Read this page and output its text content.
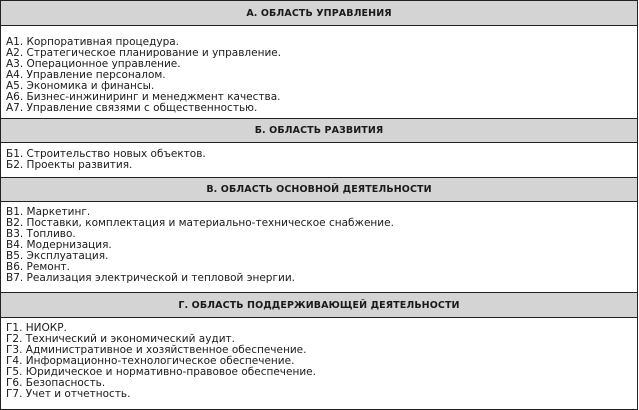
А. ОБЛАСТЬ УПРАВЛЕНИЯ
А1. Корпоративная процедура.
А2. Стратегическое планирование и управление.
А3. Операционное управление.
А4. Управление персоналом.
А5. Экономика и финансы.
А6. Бизнес-инжиниринг и менеджмент качества.
А7. Управление связями с общественностью.
Б. ОБЛАСТЬ РАЗВИТИЯ
Б1. Строительство новых объектов.
Б2. Проекты развития.
В. ОБЛАСТЬ ОСНОВНОЙ ДЕЯТЕЛЬНОСТИ
В1. Маркетинг.
В2. Поставки, комплектация и материально-техническое снабжение.
В3. Топливо.
В4. Модернизация.
В5. Эксплуатация.
В6. Ремонт.
В7. Реализация электрической и тепловой энергии.
Г. ОБЛАСТЬ ПОДДЕРЖИВАЮЩЕЙ ДЕЯТЕЛЬНОСТИ
Г1. НИОКР.
Г2. Технический и экономический аудит.
Г3. Административное и хозяйственное обеспечение.
Г4. Информационно-технологическое обеспечение.
Г5. Юридическое и нормативно-правовое обеспечение.
Г6. Безопасность.
Г7. Учет и отчетность.
